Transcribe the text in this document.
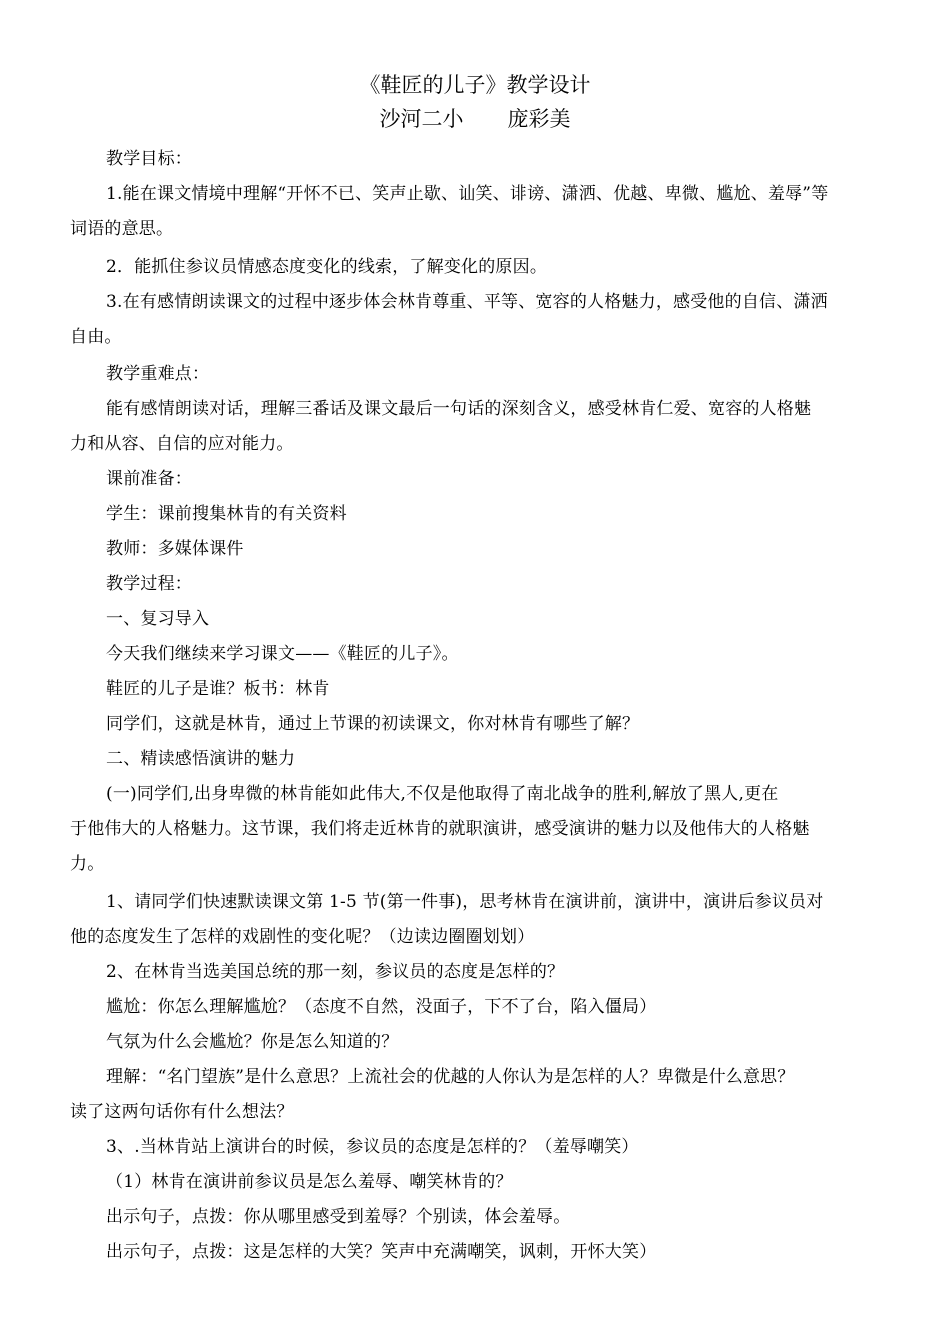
《鞋匠的儿子》教学设计
沙河二小 庞彩美
教学目标：
1.能在课文情境中理解“开怀不已、笑声止歇、讪笑、诽谤、潇洒、优越、卑微、尴尬、羞辱”等
词语的意思。
2．能抓住参议员情感态度变化的线索，了解变化的原因。
3.在有感情朗读课文的过程中逐步体会林肯尊重、平等、宽容的人格魅力，感受他的自信、潇洒
自由。
教学重难点：
能有感情朗读对话，理解三番话及课文最后一句话的深刻含义，感受林肯仁爱、宽容的人格魅
力和从容、自信的应对能力。
课前准备：
学生：课前搜集林肯的有关资料
教师：多媒体课件
教学过程：
一、复习导入
今天我们继续来学习课文——《鞋匠的儿子》。
鞋匠的儿子是谁？板书：林肯
同学们，这就是林肯，通过上节课的初读课文，你对林肯有哪些了解？
二、精读感悟演讲的魅力
(一)同学们,出身卑微的林肯能如此伟大,不仅是他取得了南北战争的胜利,解放了黑人,更在
于他伟大的人格魅力。这节课，我们将走近林肯的就职演讲，感受演讲的魅力以及他伟大的人格魅
力。
1、请同学们快速默读课文第 1-5 节(第一件事)，思考林肯在演讲前，演讲中，演讲后参议员对
他的态度发生了怎样的戏剧性的变化呢？（边读边圈圈划划）
2、在林肯当选美国总统的那一刻，参议员的态度是怎样的？
尴尬：你怎么理解尴尬？（态度不自然，没面子，下不了台，陷入僵局）
气氛为什么会尴尬？你是怎么知道的？
理解：“名门望族”是什么意思？上流社会的优越的人你认为是怎样的人？卑微是什么意思？
读了这两句话你有什么想法？
3、.当林肯站上演讲台的时候，参议员的态度是怎样的？（羞辱嘲笑）
（1）林肯在演讲前参议员是怎么羞辱、嘲笑林肯的？
出示句子，点拨：你从哪里感受到羞辱？个别读，体会羞辱。
出示句子，点拨：这是怎样的大笑？笑声中充满嘲笑，讽刺，开怀大笑）
